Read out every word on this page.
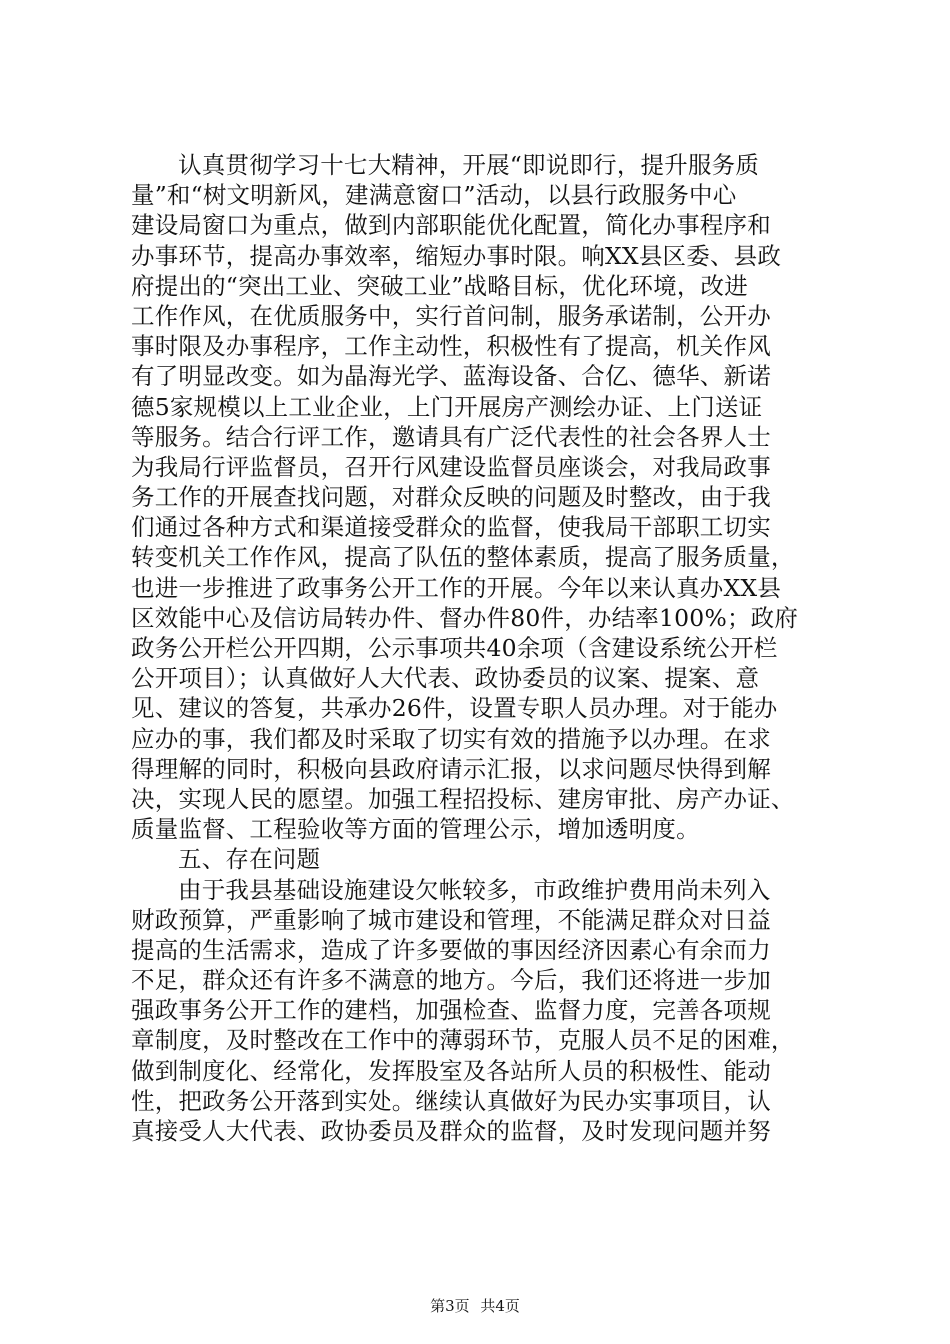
认真贯彻学习十七大精神，开展“即说即行，提升服务质
量”和“树文明新风，建满意窗口”活动，以县行政服务中心
建设局窗口为重点，做到内部职能优化配置，简化办事程序和
办事环节，提高办事效率，缩短办事时限。响XX县区委、县政
府提出的“突出工业、突破工业”战略目标，优化环境，改进
工作作风，在优质服务中，实行首问制，服务承诺制，公开办
事时限及办事程序，工作主动性，积极性有了提高，机关作风
有了明显改变。如为晶海光学、蓝海设备、合亿、德华、新诺
德5家规模以上工业企业，上门开展房产测绘办证、上门送证
等服务。结合行评工作，邀请具有广泛代表性的社会各界人士
为我局行评监督员，召开行风建设监督员座谈会，对我局政事
务工作的开展查找问题，对群众反映的问题及时整改，由于我
们通过各种方式和渠道接受群众的监督，使我局干部职工切实
转变机关工作作风，提高了队伍的整体素质，提高了服务质量，
也进一步推进了政事务公开工作的开展。今年以来认真办XX县
区效能中心及信访局转办件、督办件80件，办结率100%；政府
政务公开栏公开四期，公示事项共40余项（含建设系统公开栏
公开项目）；认真做好人大代表、政协委员的议案、提案、意
见、建议的答复，共承办26件，设置专职人员办理。对于能办
应办的事，我们都及时采取了切实有效的措施予以办理。在求
得理解的同时，积极向县政府请示汇报，以求问题尽快得到解
决，实现人民的愿望。加强工程招投标、建房审批、房产办证、
质量监督、工程验收等方面的管理公示，增加透明度。
五、存在问题
由于我县基础设施建设欠帐较多，市政维护费用尚未列入
财政预算，严重影响了城市建设和管理，不能满足群众对日益
提高的生活需求，造成了许多要做的事因经济因素心有余而力
不足，群众还有许多不满意的地方。今后，我们还将进一步加
强政事务公开工作的建档，加强检查、监督力度，完善各项规
章制度，及时整改在工作中的薄弱环节，克服人员不足的困难，
做到制度化、经常化，发挥股室及各站所人员的积极性、能动
性，把政务公开落到实处。继续认真做好为民办实事项目，认
真接受人大代表、政协委员及群众的监督，及时发现问题并努
第3页 共4页
